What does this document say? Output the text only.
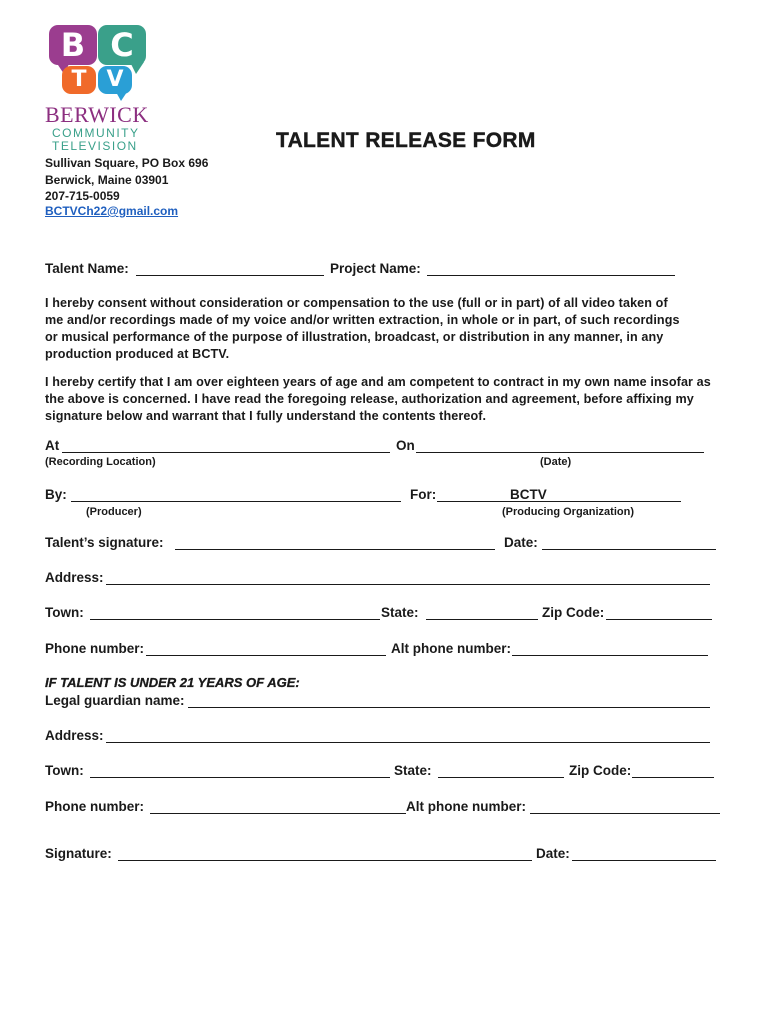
B C
T V
BERWICK
COMMUNITY
TELEVISION	TALENT RELEASE FORM
Sullivan Square, PO Box 696
Berwick, Maine 03901
207-715-0059
BCTVCh22@gmail.com
Talent Name:	Project Name:
I hereby consent without consideration or compensation to the use (full or in part) of all video taken of me and/or recordings made of my voice and/or written extraction, in whole or in part, of such recordings or musical performance of the purpose of illustration, broadcast, or distribution in any manner, in any production produced at BCTV.
I hereby certify that I am over eighteen years of age and am competent to contract in my own name insofar as the above is concerned. I have read the foregoing release, authorization and agreement, before affixing my signature below and warrant that I fully understand the contents thereof.
At	On
(Recording Location)	(Date)
By:	For:	BCTV
(Producer)	(Producing Organization)
Talent’s signature:	Date:
Address:
Town:	State:	Zip Code:
Phone number:	Alt phone number:
IF TALENT IS UNDER 21 YEARS OF AGE:
Legal guardian name:
Address:
Town:	State:	Zip Code:
Phone number:	Alt phone number:
Signature:	Date:
